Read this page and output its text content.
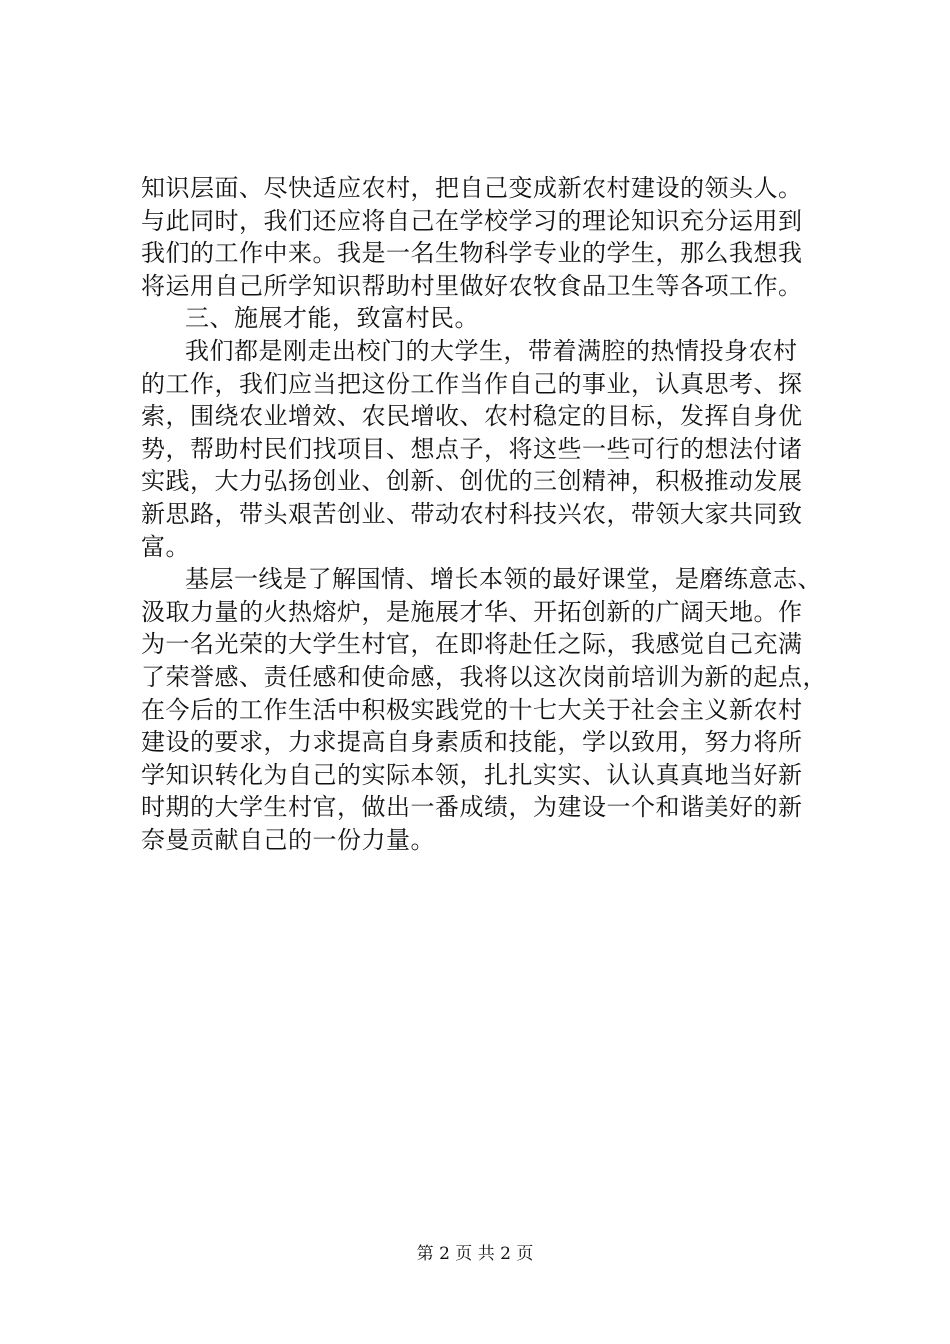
知识层面、尽快适应农村，把自己变成新农村建设的领头人。
与此同时，我们还应将自己在学校学习的理论知识充分运用到
我们的工作中来。我是一名生物科学专业的学生，那么我想我
将运用自己所学知识帮助村里做好农牧食品卫生等各项工作。
三、施展才能，致富村民。
我们都是刚走出校门的大学生，带着满腔的热情投身农村
的工作，我们应当把这份工作当作自己的事业，认真思考、探
索，围绕农业增效、农民增收、农村稳定的目标，发挥自身优
势，帮助村民们找项目、想点子，将这些一些可行的想法付诸
实践，大力弘扬创业、创新、创优的三创精神，积极推动发展
新思路，带头艰苦创业、带动农村科技兴农，带领大家共同致
富。
基层一线是了解国情、增长本领的最好课堂，是磨练意志、
汲取力量的火热熔炉，是施展才华、开拓创新的广阔天地。作
为一名光荣的大学生村官，在即将赴任之际，我感觉自己充满
了荣誉感、责任感和使命感，我将以这次岗前培训为新的起点，
在今后的工作生活中积极实践党的十七大关于社会主义新农村
建设的要求，力求提高自身素质和技能，学以致用，努力将所
学知识转化为自己的实际本领，扎扎实实、认认真真地当好新
时期的大学生村官，做出一番成绩，为建设一个和谐美好的新
奈曼贡献自己的一份力量。
第 2 页 共 2 页
